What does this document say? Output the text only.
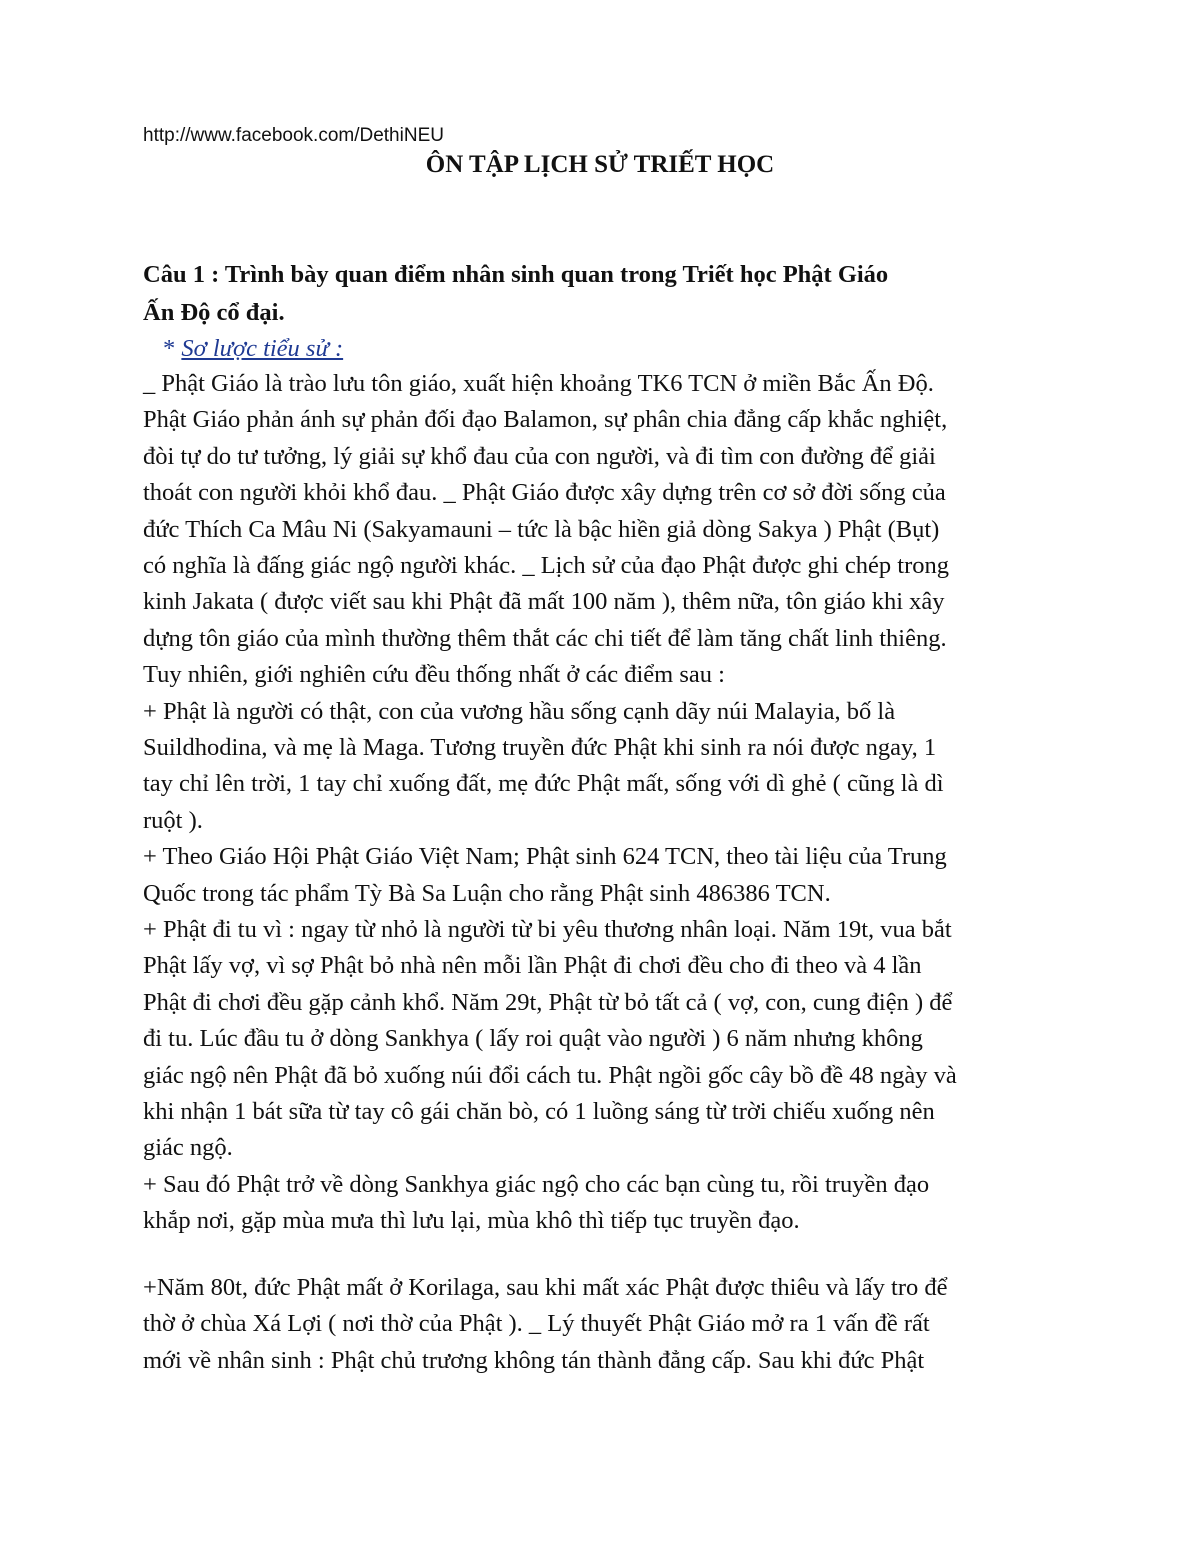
http://www.facebook.com/DethiNEU
ÔN TẬP LỊCH SỬ TRIẾT HỌC
Câu 1 : Trình bày quan điểm nhân sinh quan trong Triết học Phật Giáo
Ấn Độ cổ đại.
* Sơ lược tiểu sử :
_ Phật Giáo là trào lưu tôn giáo, xuất hiện khoảng TK6 TCN ở miền Bắc Ấn Độ.
Phật Giáo phản ánh sự phản đối đạo Balamon, sự phân chia đẳng cấp khắc nghiệt,
đòi tự do tư tưởng, lý giải sự khổ đau của con người, và đi tìm con đường để giải
thoát con người khỏi khổ đau. _ Phật Giáo được xây dựng trên cơ sở đời sống của
đức Thích Ca Mâu Ni (Sakyamauni – tức là bậc hiền giả dòng Sakya ) Phật (Bụt)
có nghĩa là đấng giác ngộ người khác. _ Lịch sử của đạo Phật được ghi chép trong
kinh Jakata ( được viết sau khi Phật đã mất 100 năm ), thêm nữa, tôn giáo khi xây
dựng tôn giáo của mình thường thêm thắt các chi tiết để làm tăng chất linh thiêng.
Tuy nhiên, giới nghiên cứu đều thống nhất ở các điểm sau :
+ Phật là người có thật, con của vương hầu sống cạnh dãy núi Malayia, bố là
Suildhodina, và mẹ là Maga. Tương truyền đức Phật khi sinh ra nói được ngay, 1
tay chỉ lên trời, 1 tay chỉ xuống đất, mẹ đức Phật mất, sống với dì ghẻ ( cũng là dì
ruột ).
+ Theo Giáo Hội Phật Giáo Việt Nam; Phật sinh 624 TCN, theo tài liệu của Trung
Quốc trong tác phẩm Tỳ Bà Sa Luận cho rằng Phật sinh 486386 TCN.
+ Phật đi tu vì : ngay từ nhỏ là người từ bi yêu thương nhân loại. Năm 19t, vua bắt
Phật lấy vợ, vì sợ Phật bỏ nhà nên mỗi lần Phật đi chơi đều cho đi theo và 4 lần
Phật đi chơi đều gặp cảnh khổ. Năm 29t, Phật từ bỏ tất cả ( vợ, con, cung điện ) để
đi tu. Lúc đầu tu ở dòng Sankhya ( lấy roi quật vào người ) 6 năm nhưng không
giác ngộ nên Phật đã bỏ xuống núi đổi cách tu. Phật ngồi gốc cây bồ đề 48 ngày và
khi nhận 1 bát sữa từ tay cô gái chăn bò, có 1 luồng sáng từ trời chiếu xuống nên
giác ngộ.
+ Sau đó Phật trở về dòng Sankhya giác ngộ cho các bạn cùng tu, rồi truyền đạo
khắp nơi, gặp mùa mưa thì lưu lại, mùa khô thì tiếp tục truyền đạo.
+Năm 80t, đức Phật mất ở Korilaga, sau khi mất xác Phật được thiêu và lấy tro để
thờ ở chùa Xá Lợi ( nơi thờ của Phật ). _ Lý thuyết Phật Giáo mở ra 1 vấn đề rất
mới về nhân sinh : Phật chủ trương không tán thành đẳng cấp. Sau khi đức Phật
